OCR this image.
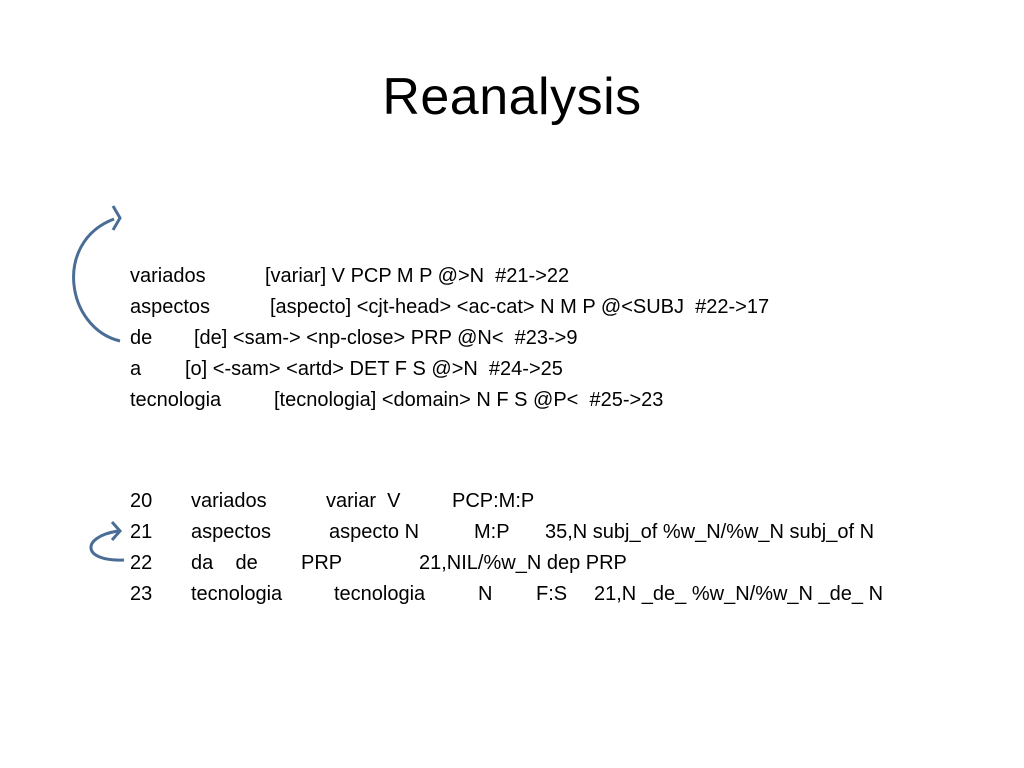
Reanalysis
variados	[variar] V PCP M P @>N  #21->22
aspectos	[aspecto] <cjt-head> <ac-cat> N M P @<SUBJ  #22->17
de [de] <sam-> <np-close> PRP @N<  #23->9
a [o] <-sam> <artd> DET F S @>N  #24->25
tecnologia	[tecnologia] <domain> N F S @P<  #25->23
20 variados	variar  V	PCP:M:P
21 aspectos	aspecto N	M:P 35,N subj_of %w_N/%w_N subj_of N
22 da    de PRP	21,NIL/%w_N dep PRP
23 tecnologia	tecnologia	N F:S 21,N _de_ %w_N/%w_N _de_ N
